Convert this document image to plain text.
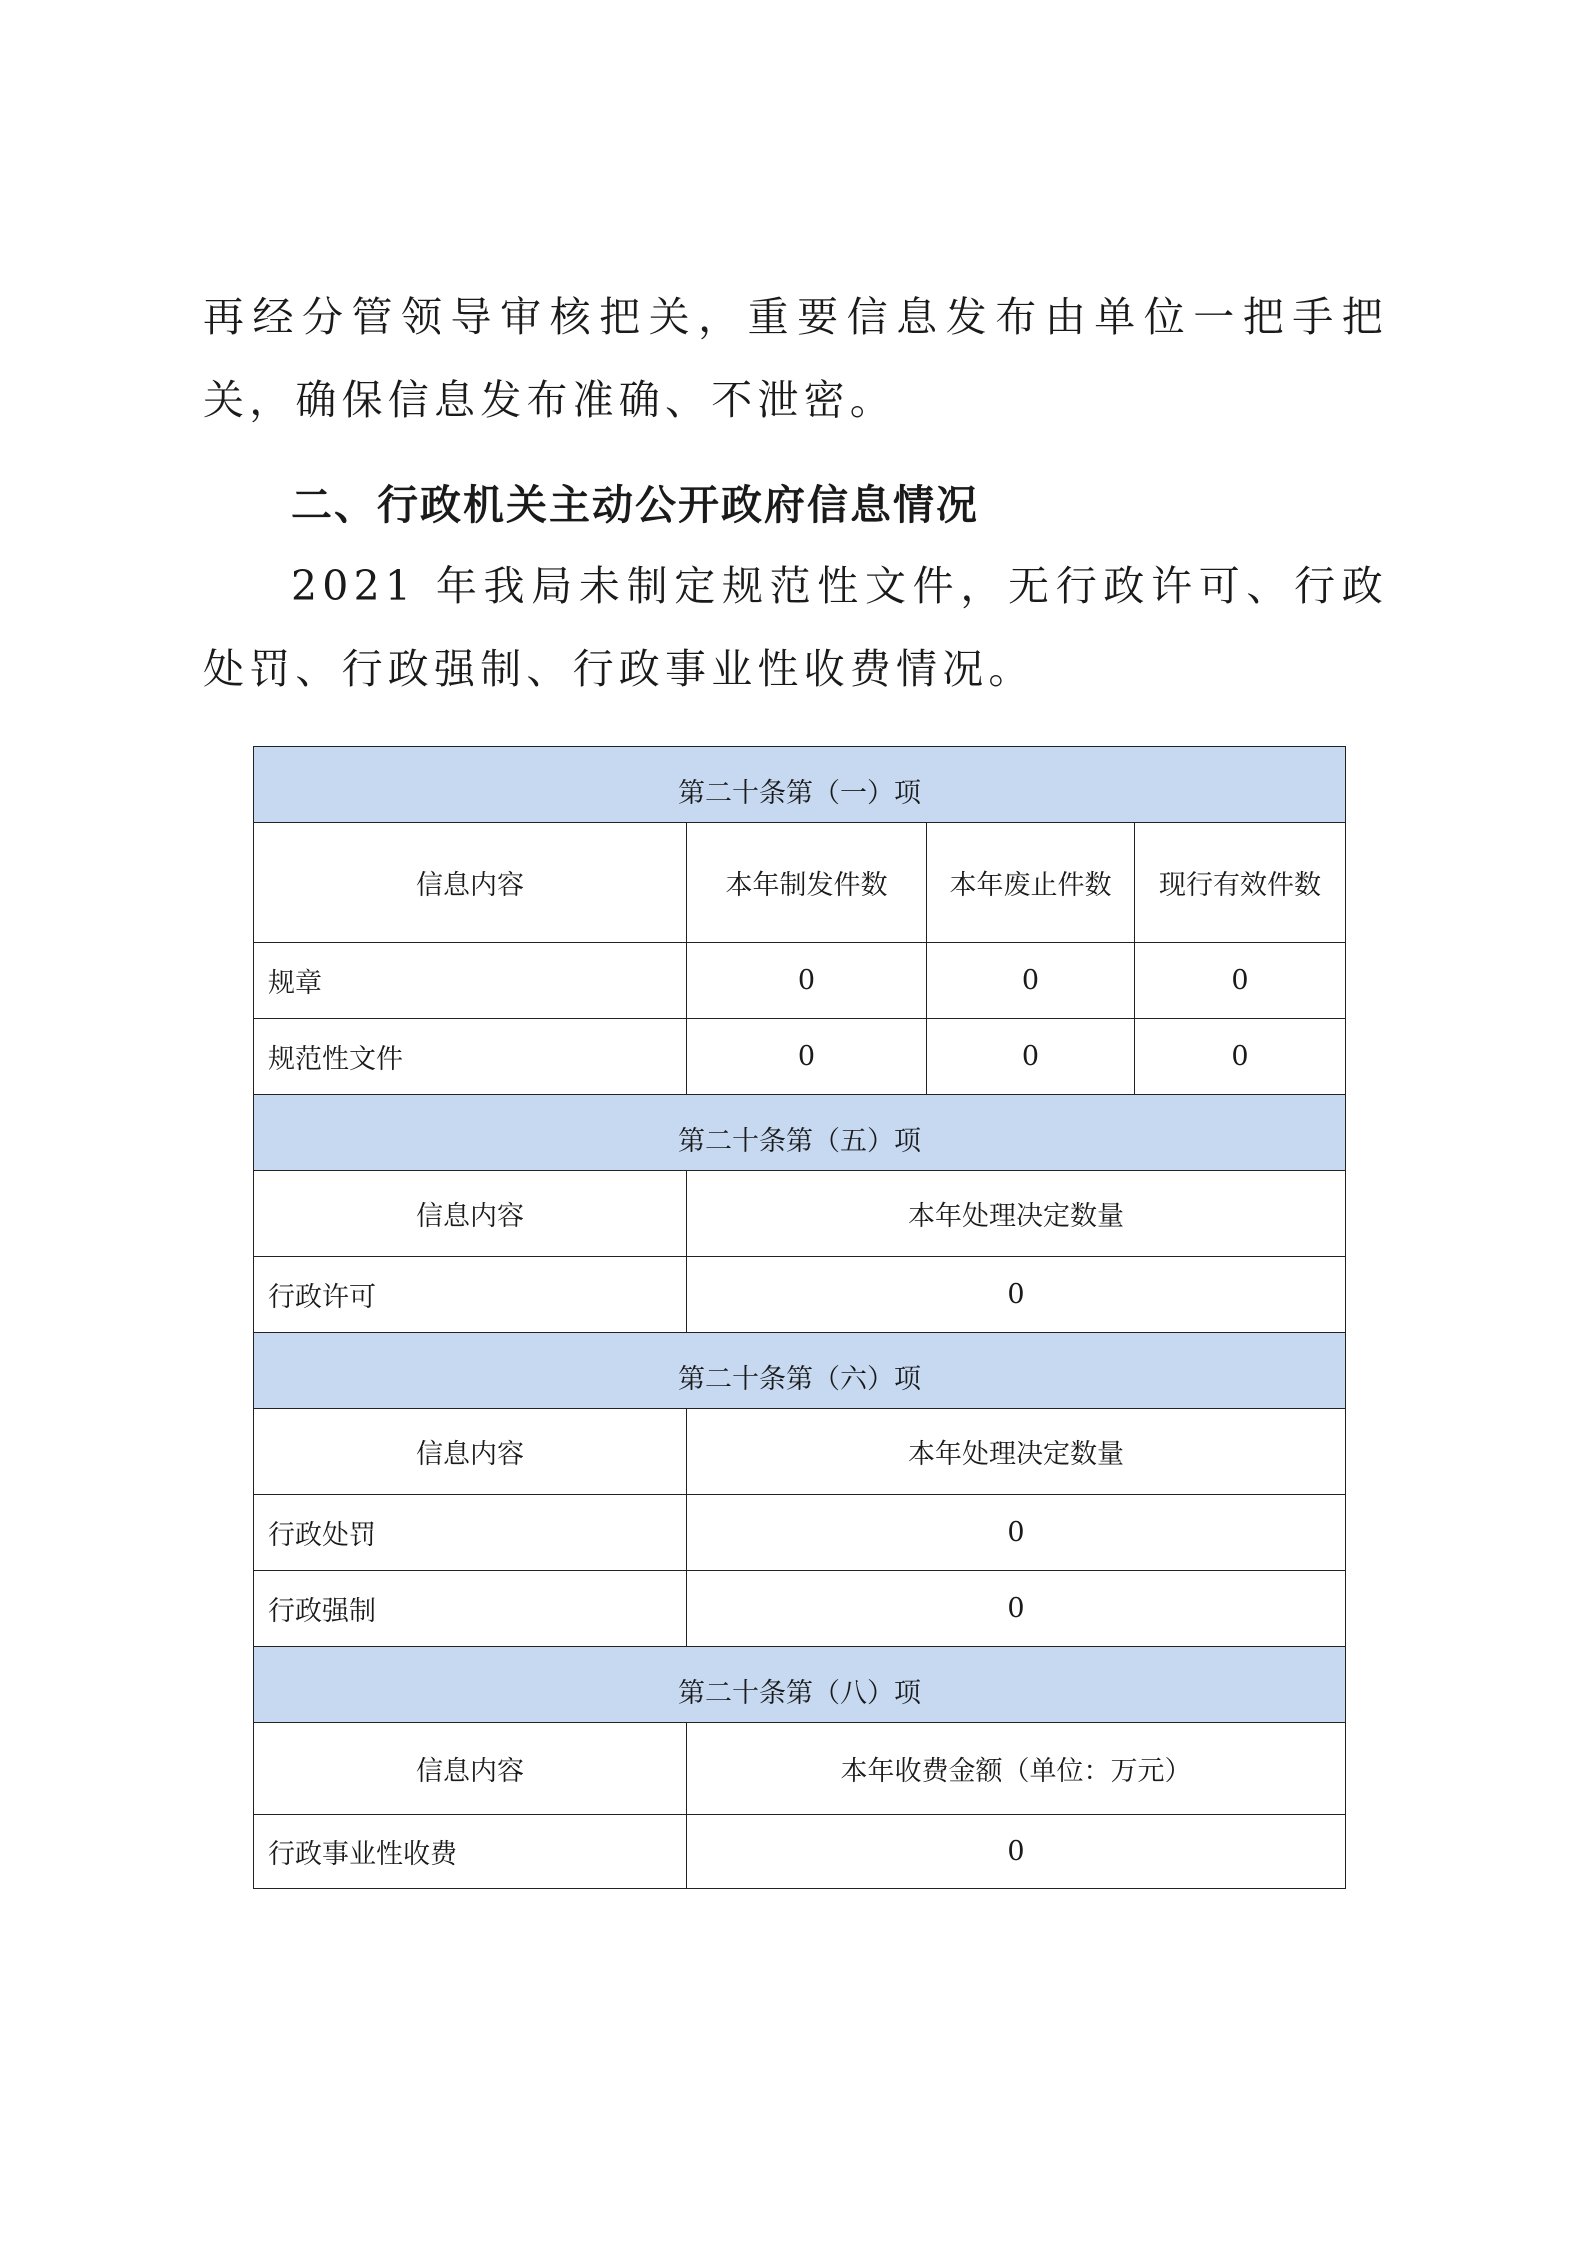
再经分管领导审核把关，重要信息发布由单位一把手把关，确保信息发布准确、不泄密。

二、行政机关主动公开政府信息情况

2021 年我局未制定规范性文件，无行政许可、行政处罚、行政强制、行政事业性收费情况。

第二十条第（一）项			
信息内容	本年制发件数	本年废止件数	现行有效件数
规章	0	0	0
规范性文件	0	0	0
第二十条第（五）项			
信息内容	本年处理决定数量		
行政许可	0		
第二十条第（六）项			
信息内容	本年处理决定数量		
行政处罚	0		
行政强制	0		
第二十条第（八）项			
信息内容	本年收费金额（单位：万元）		
行政事业性收费	0		
